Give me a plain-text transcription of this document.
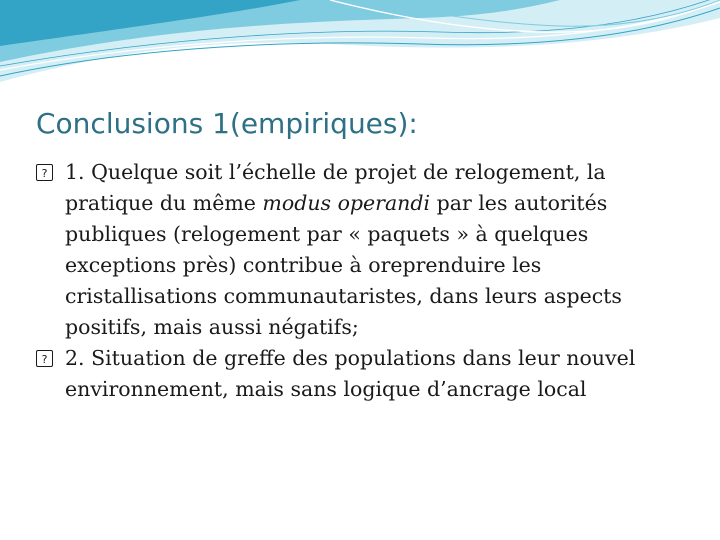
Conclusions 1(empiriques):
? 1. Quelque soit l’échelle de projet de relogement, la pratique du même modus operandi par les autorités publiques (relogement par « paquets » à quelques exceptions près) contribue à oreprenduire les cristallisations communautaristes, dans leurs aspects positifs, mais aussi négatifs;
? 2. Situation de greffe des populations dans leur nouvel environnement, mais sans logique d’ancrage local
